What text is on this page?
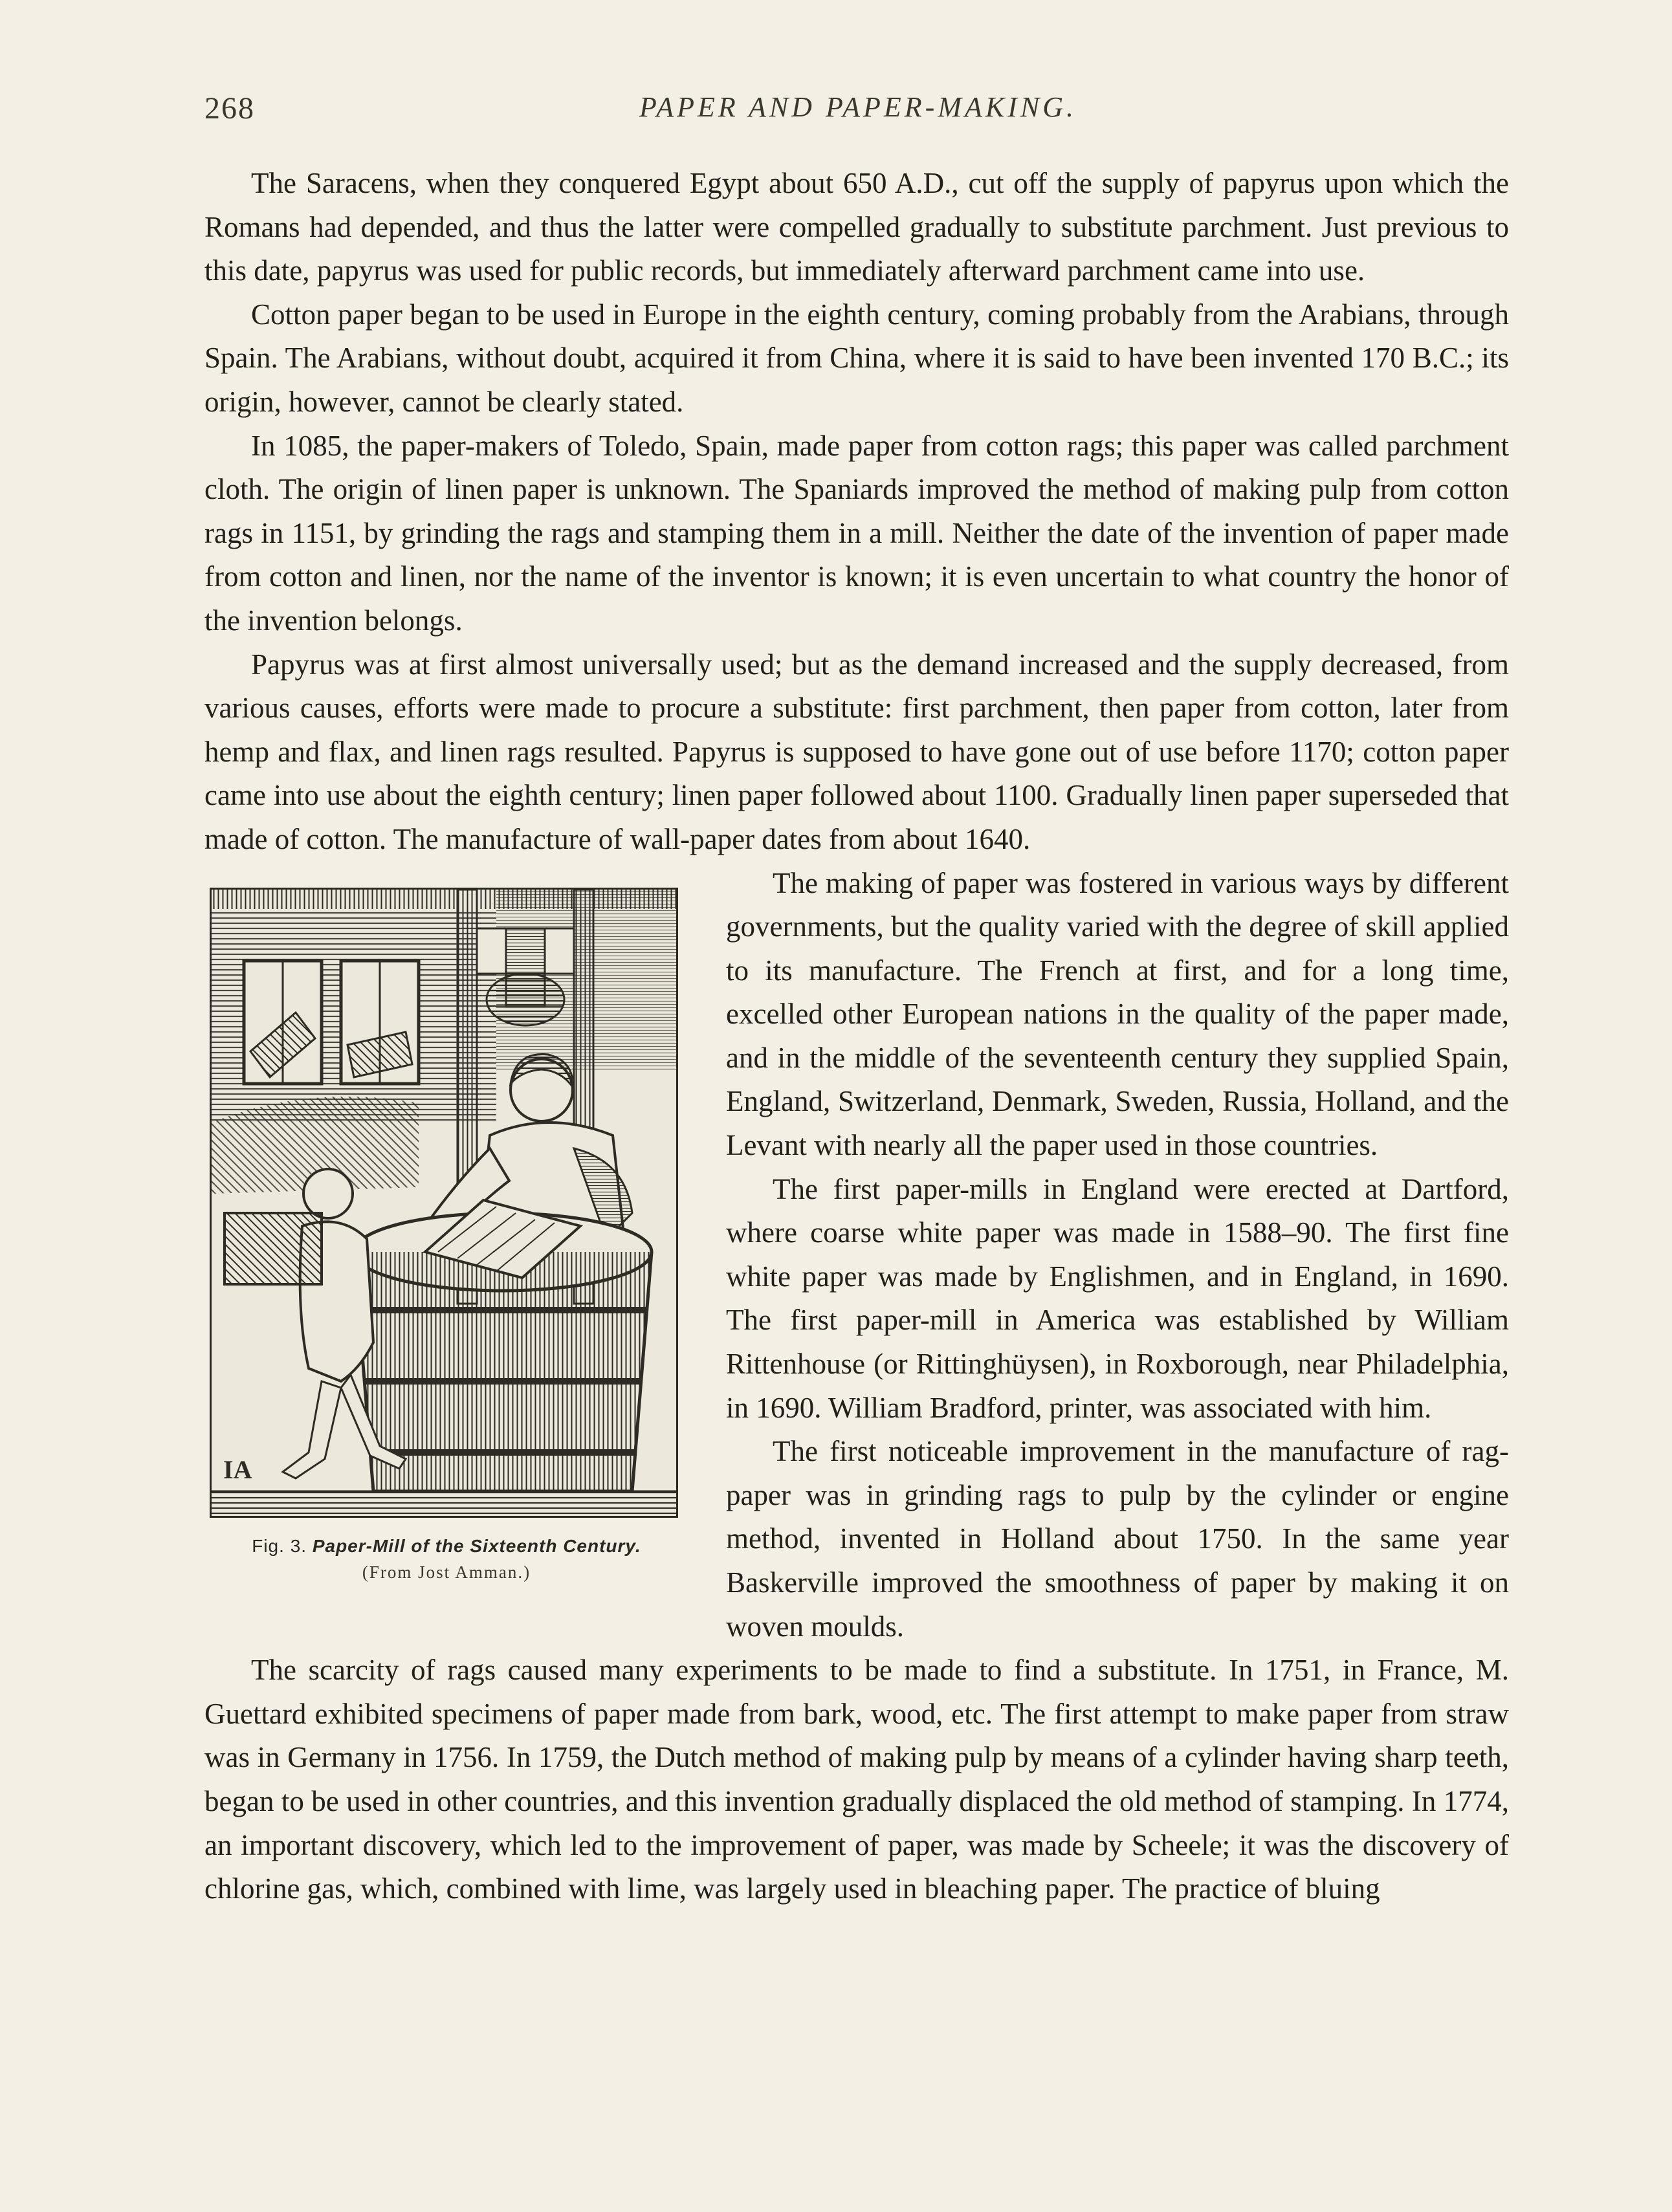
268	PAPER AND PAPER-MAKING.

The Saracens, when they conquered Egypt about 650 A.D., cut off the supply of papyrus upon which the Romans had depended, and thus the latter were compelled gradually to substitute parchment. Just previous to this date, papyrus was used for public records, but immediately afterward parchment came into use.

Cotton paper began to be used in Europe in the eighth century, coming probably from the Arabians, through Spain. The Arabians, without doubt, acquired it from China, where it is said to have been invented 170 B.C.; its origin, however, cannot be clearly stated.

In 1085, the paper-makers of Toledo, Spain, made paper from cotton rags; this paper was called parchment cloth. The origin of linen paper is unknown. The Spaniards improved the method of making pulp from cotton rags in 1151, by grinding the rags and stamping them in a mill. Neither the date of the invention of paper made from cotton and linen, nor the name of the inventor is known; it is even uncertain to what country the honor of the invention belongs.

Papyrus was at first almost universally used; but as the demand increased and the supply decreased, from various causes, efforts were made to procure a substitute: first parchment, then paper from cotton, later from hemp and flax, and linen rags resulted. Papyrus is supposed to have gone out of use before 1170; cotton paper came into use about the eighth century; linen paper followed about 1100. Gradually linen paper superseded that made of cotton. The manufacture of wall-paper dates from about 1640.

IA
Fig. 3. Paper-Mill of the Sixteenth Century.
(From Jost Amman.)

The making of paper was fostered in various ways by different governments, but the quality varied with the degree of skill applied to its manufacture. The French at first, and for a long time, excelled other European nations in the quality of the paper made, and in the middle of the seventeenth century they supplied Spain, England, Switzerland, Denmark, Sweden, Russia, Holland, and the Levant with nearly all the paper used in those countries.

The first paper-mills in England were erected at Dartford, where coarse white paper was made in 1588–90. The first fine white paper was made by Englishmen, and in England, in 1690. The first paper-mill in America was established by William Rittenhouse (or Rittinghüysen), in Roxborough, near Philadelphia, in 1690. William Bradford, printer, was associated with him.

The first noticeable improvement in the manufacture of rag-paper was in grinding rags to pulp by the cylinder or engine method, invented in Holland about 1750. In the same year Baskerville improved the smoothness of paper by making it on woven moulds.

The scarcity of rags caused many experiments to be made to find a substitute. In 1751, in France, M. Guettard exhibited specimens of paper made from bark, wood, etc. The first attempt to make paper from straw was in Germany in 1756. In 1759, the Dutch method of making pulp by means of a cylinder having sharp teeth, began to be used in other countries, and this invention gradually displaced the old method of stamping. In 1774, an important discovery, which led to the improvement of paper, was made by Scheele; it was the discovery of chlorine gas, which, combined with lime, was largely used in bleaching paper. The practice of bluing
